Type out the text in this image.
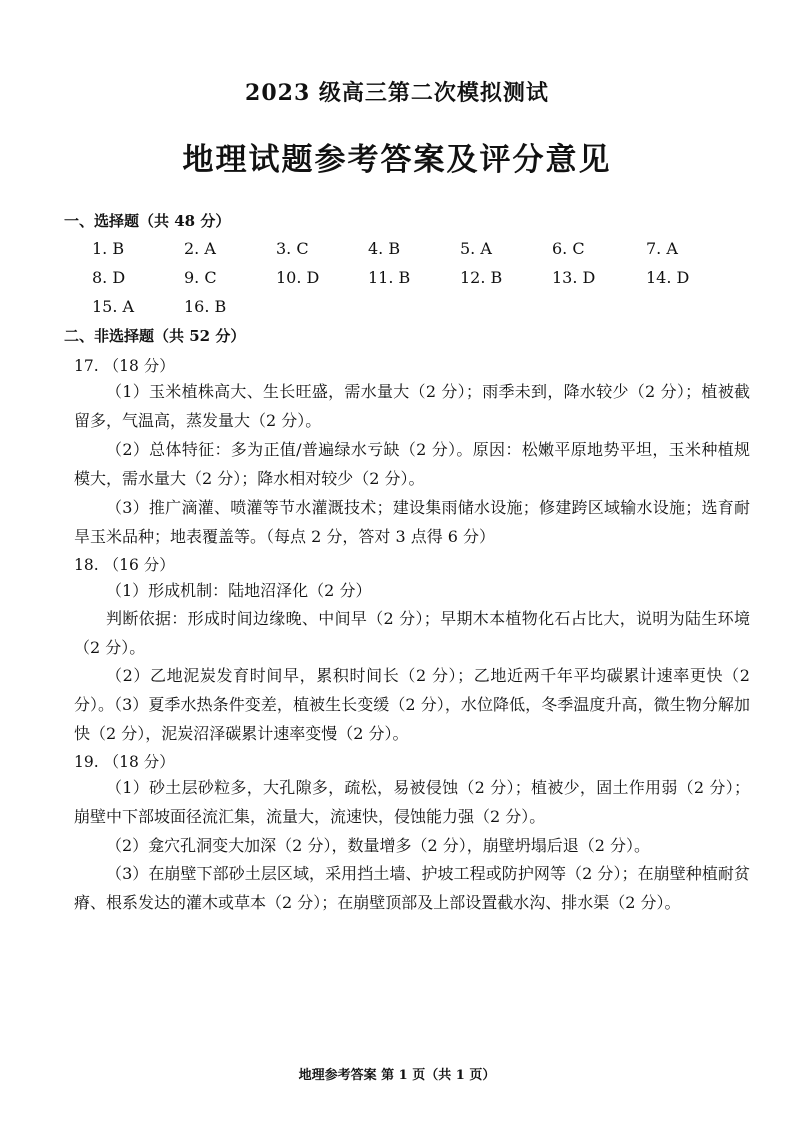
2023 级高三第二次模拟测试
地理试题参考答案及评分意见
一、选择题（共 48 分）
1. B	2. A	3. C	4. B	5. A	6. C	7. A
8. D	9. C	10. D	11. B	12. B	13. D	14. D
15. A	16. B
二、非选择题（共 52 分）
17. （18 分）
（1）玉米植株高大、生长旺盛，需水量大（2 分）；雨季未到，降水较少（2 分）；植被截留多，气温高，蒸发量大（2 分）。
（2）总体特征：多为正值/普遍绿水亏缺（2 分）。原因：松嫩平原地势平坦，玉米种植规模大，需水量大（2 分）；降水相对较少（2 分）。
（3）推广滴灌、喷灌等节水灌溉技术；建设集雨储水设施；修建跨区域输水设施；选育耐旱玉米品种；地表覆盖等。（每点 2 分，答对 3 点得 6 分）
18. （16 分）
（1）形成机制：陆地沼泽化（2 分）
判断依据：形成时间边缘晚、中间早（2 分）；早期木本植物化石占比大，说明为陆生环境（2 分）。
（2）乙地泥炭发育时间早，累积时间长（2 分）；乙地近两千年平均碳累计速率更快（2 分）。
（3）夏季水热条件变差，植被生长变缓（2 分），水位降低，冬季温度升高，微生物分解加快（2 分），泥炭沼泽碳累计速率变慢（2 分）。
19. （18 分）
（1）砂土层砂粒多，大孔隙多，疏松，易被侵蚀（2 分）；植被少，固土作用弱（2 分）；崩壁中下部坡面径流汇集，流量大，流速快，侵蚀能力强（2 分）。
（2）龛穴孔洞变大加深（2 分），数量增多（2 分），崩壁坍塌后退（2 分）。
（3）在崩壁下部砂土层区域，采用挡土墙、护坡工程或防护网等（2 分）；在崩壁种植耐贫瘠、根系发达的灌木或草本（2 分）；在崩壁顶部及上部设置截水沟、排水渠（2 分）。
地理参考答案 第 1 页（共 1 页）
